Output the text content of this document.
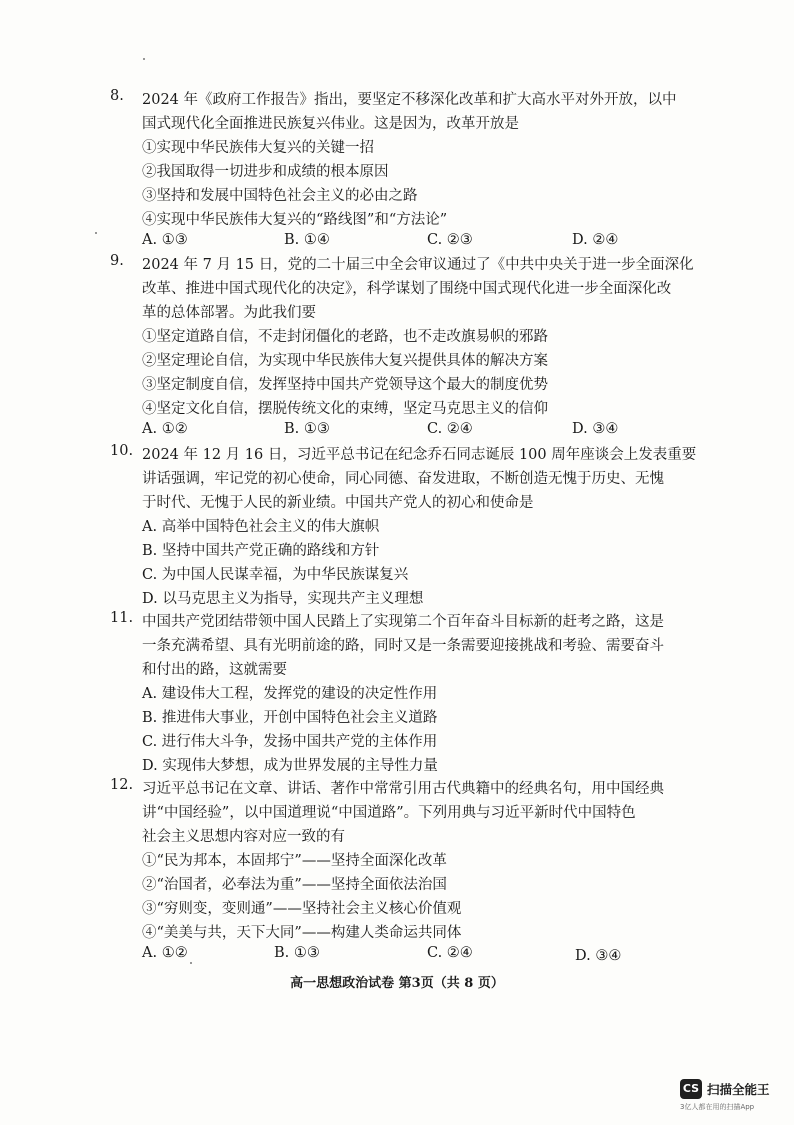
8.	2024 年《政府工作报告》指出，要坚定不移深化改革和扩大高水平对外开放，以中
国式现代化全面推进民族复兴伟业。这是因为，改革开放是
①实现中华民族伟大复兴的关键一招
②我国取得一切进步和成绩的根本原因
③坚持和发展中国特色社会主义的必由之路
④实现中华民族伟大复兴的“路线图”和“方法论”
A. ①③	B. ①④	C. ②③	D. ②④
9.	2024 年 7 月 15 日，党的二十届三中全会审议通过了《中共中央关于进一步全面深化
改革、推进中国式现代化的决定》，科学谋划了围绕中国式现代化进一步全面深化改
革的总体部署。为此我们要
①坚定道路自信，不走封闭僵化的老路，也不走改旗易帜的邪路
②坚定理论自信，为实现中华民族伟大复兴提供具体的解决方案
③坚定制度自信，发挥坚持中国共产党领导这个最大的制度优势
④坚定文化自信，摆脱传统文化的束缚，坚定马克思主义的信仰
A. ①②	B. ①③	C. ②④	D. ③④
10. 2024 年 12 月 16 日，习近平总书记在纪念乔石同志诞辰 100 周年座谈会上发表重要
讲话强调，牢记党的初心使命，同心同德、奋发进取，不断创造无愧于历史、无愧
于时代、无愧于人民的新业绩。中国共产党人的初心和使命是
A. 高举中国特色社会主义的伟大旗帜
B. 坚持中国共产党正确的路线和方针
C. 为中国人民谋幸福，为中华民族谋复兴
D. 以马克思主义为指导，实现共产主义理想
11. 中国共产党团结带领中国人民踏上了实现第二个百年奋斗目标新的赶考之路，这是
一条充满希望、具有光明前途的路，同时又是一条需要迎接挑战和考验、需要奋斗
和付出的路，这就需要
A. 建设伟大工程，发挥党的建设的决定性作用
B. 推进伟大事业，开创中国特色社会主义道路
C. 进行伟大斗争，发扬中国共产党的主体作用
D. 实现伟大梦想，成为世界发展的主导性力量
12. 习近平总书记在文章、讲话、著作中常常引用古代典籍中的经典名句，用中国经典
讲“中国经验”，以中国道理说“中国道路”。下列用典与习近平新时代中国特色
社会主义思想内容对应一致的有
①“民为邦本，本固邦宁”——坚持全面深化改革
②“治国者，必奉法为重”——坚持全面依法治国
③“穷则变，变则通”——坚持社会主义核心价值观
④“美美与共，天下大同”——构建人类命运共同体
A. ①②	B. ①③	C. ②④	D. ③④
高一思想政治试卷 第3页（共 8 页）
CS 扫描全能王
3亿人都在用的扫描App
